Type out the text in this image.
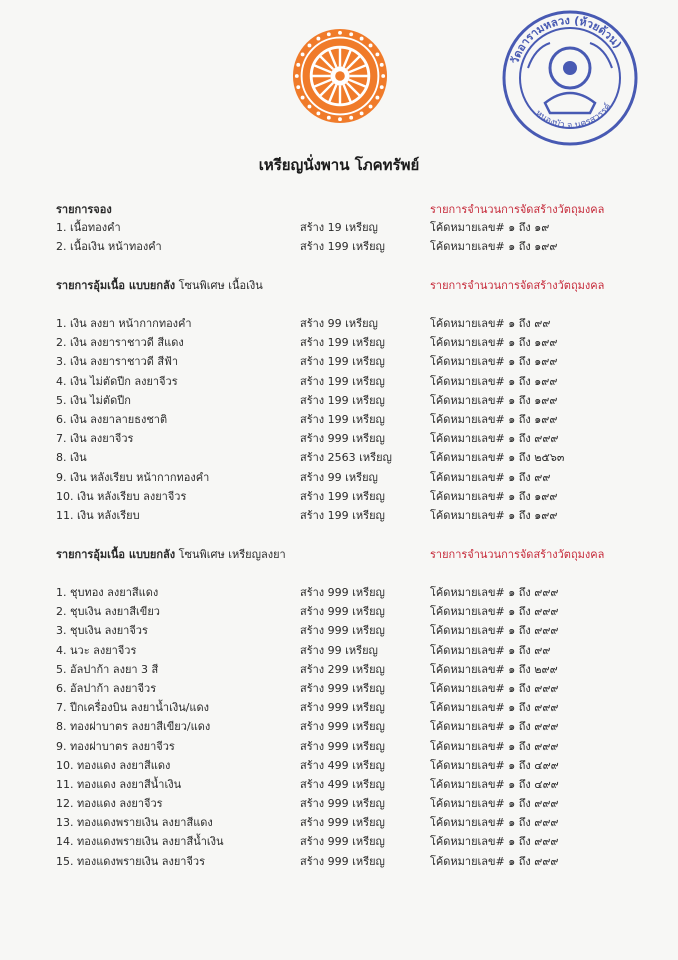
วัดอารามหลวง (ห้วยด้วน)
หนองบัว จ.นครสวรรค์
เหรียญนั่งพาน โภคทรัพย์
รายการจอง	รายการจำนวนการจัดสร้างวัตถุมงคล
1. เนื้อทองคำ	สร้าง 19 เหรียญ	โค้ดหมายเลข# ๑ ถึง ๑๙
2. เนื้อเงิน หน้าทองคำ	สร้าง 199 เหรียญ	โค้ดหมายเลข# ๑ ถึง ๑๙๙
รายการอุ้มเนื้อ แบบยกลัง โซนพิเศษ เนื้อเงิน	รายการจำนวนการจัดสร้างวัตถุมงคล
1. เงิน ลงยา หน้ากากทองคำ	สร้าง 99 เหรียญ	โค้ดหมายเลข# ๑ ถึง ๙๙
2. เงิน ลงยาราชาวดี สีแดง	สร้าง 199 เหรียญ	โค้ดหมายเลข# ๑ ถึง ๑๙๙
3. เงิน ลงยาราชาวดี สีฟ้า	สร้าง 199 เหรียญ	โค้ดหมายเลข# ๑ ถึง ๑๙๙
4. เงิน ไม่ตัดปีก ลงยาจีวร	สร้าง 199 เหรียญ	โค้ดหมายเลข# ๑ ถึง ๑๙๙
5. เงิน ไม่ตัดปีก	สร้าง 199 เหรียญ	โค้ดหมายเลข# ๑ ถึง ๑๙๙
6. เงิน ลงยาลายธงชาติ	สร้าง 199 เหรียญ	โค้ดหมายเลข# ๑ ถึง ๑๙๙
7. เงิน ลงยาจีวร	สร้าง 999 เหรียญ	โค้ดหมายเลข# ๑ ถึง ๙๙๙
8. เงิน	สร้าง 2563 เหรียญ	โค้ดหมายเลข# ๑ ถึง ๒๕๖๓
9. เงิน หลังเรียบ หน้ากากทองคำ	สร้าง 99 เหรียญ	โค้ดหมายเลข# ๑ ถึง ๙๙
10. เงิน หลังเรียบ ลงยาจีวร	สร้าง 199 เหรียญ	โค้ดหมายเลข# ๑ ถึง ๑๙๙
11. เงิน หลังเรียบ	สร้าง 199 เหรียญ	โค้ดหมายเลข# ๑ ถึง ๑๙๙
รายการอุ้มเนื้อ แบบยกลัง โซนพิเศษ เหรียญลงยา	รายการจำนวนการจัดสร้างวัตถุมงคล
1. ชุบทอง ลงยาสีแดง	สร้าง 999 เหรียญ	โค้ดหมายเลข# ๑ ถึง ๙๙๙
2. ชุบเงิน ลงยาสีเขียว	สร้าง 999 เหรียญ	โค้ดหมายเลข# ๑ ถึง ๙๙๙
3. ชุบเงิน ลงยาจีวร	สร้าง 999 เหรียญ	โค้ดหมายเลข# ๑ ถึง ๙๙๙
4. นวะ ลงยาจีวร	สร้าง 99 เหรียญ	โค้ดหมายเลข# ๑ ถึง ๙๙
5. อัลปาก้า ลงยา 3 สี	สร้าง 299 เหรียญ	โค้ดหมายเลข# ๑ ถึง ๒๙๙
6. อัลปาก้า ลงยาจีวร	สร้าง 999 เหรียญ	โค้ดหมายเลข# ๑ ถึง ๙๙๙
7. ปีกเครื่องบิน ลงยาน้ำเงิน/แดง	สร้าง 999 เหรียญ	โค้ดหมายเลข# ๑ ถึง ๙๙๙
8. ทองฝาบาตร ลงยาสีเขียว/แดง	สร้าง 999 เหรียญ	โค้ดหมายเลข# ๑ ถึง ๙๙๙
9. ทองฝาบาตร ลงยาจีวร	สร้าง 999 เหรียญ	โค้ดหมายเลข# ๑ ถึง ๙๙๙
10. ทองแดง ลงยาสีแดง	สร้าง 499 เหรียญ	โค้ดหมายเลข# ๑ ถึง ๔๙๙
11. ทองแดง ลงยาสีน้ำเงิน	สร้าง 499 เหรียญ	โค้ดหมายเลข# ๑ ถึง ๔๙๙
12. ทองแดง ลงยาจีวร	สร้าง 999 เหรียญ	โค้ดหมายเลข# ๑ ถึง ๙๙๙
13. ทองแดงพรายเงิน ลงยาสีแดง	สร้าง 999 เหรียญ	โค้ดหมายเลข# ๑ ถึง ๙๙๙
14. ทองแดงพรายเงิน ลงยาสีน้ำเงิน	สร้าง 999 เหรียญ	โค้ดหมายเลข# ๑ ถึง ๙๙๙
15. ทองแดงพรายเงิน ลงยาจีวร	สร้าง 999 เหรียญ	โค้ดหมายเลข# ๑ ถึง ๙๙๙
